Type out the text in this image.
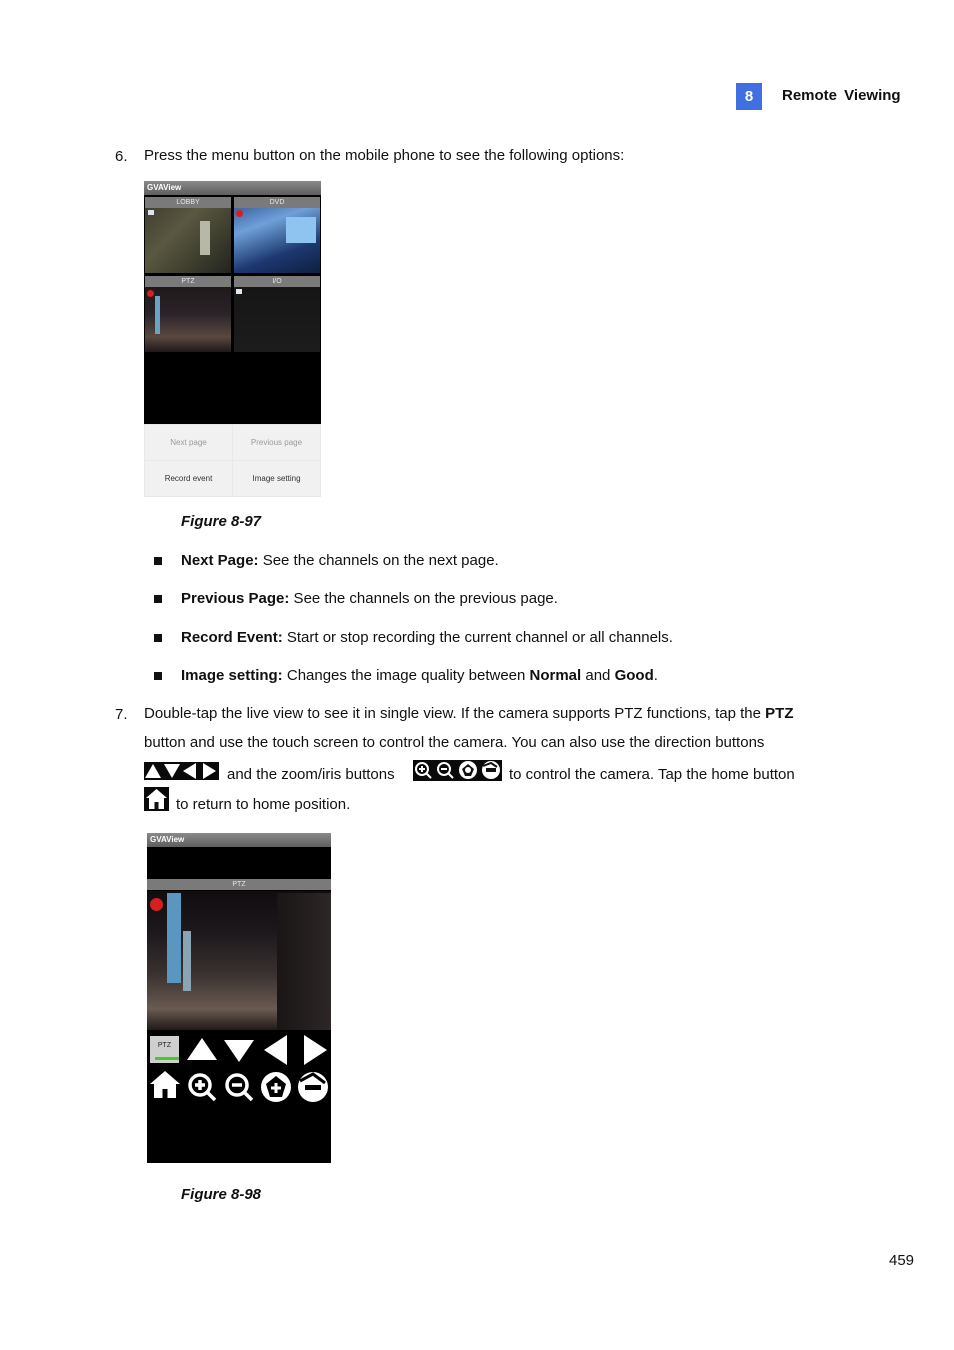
8	Remote Viewing
6. Press the menu button on the mobile phone to see the following options:
GVAView
LOBBY	DVD
PTZ	I/O
Next page	Previous page
Record event	Image setting
Figure 8-97
Next Page: See the channels on the next page.
Previous Page: See the channels on the previous page.
Record Event: Start or stop recording the current channel or all channels.
Image setting: Changes the image quality between Normal and Good.
7. Double-tap the live view to see it in single view. If the camera supports PTZ functions, tap the PTZ
button and use the touch screen to control the camera. You can also use the direction buttons
and the zoom/iris buttons	to control the camera. Tap the home button
to return to home position.
GVAView
PTZ
PTZ
Figure 8-98
459
